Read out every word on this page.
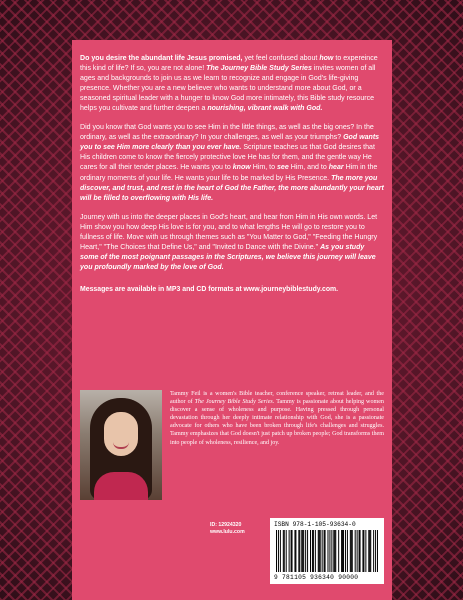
Do you desire the abundant life Jesus promised, yet feel confused about how to expereince this kind of life? If so, you are not alone! The Journey Bible Study Series invites women of all ages and backgrounds to join us as we learn to recognize and engage in God's life-giving presence. Whether you are a new believer who wants to understand more about God, or a seasoned spiritual leader with a hunger to know God more intimately, this Bible study resource helps you cultivate and further deepen a nourishing, vibrant walk with God.

Did you know that God wants you to see Him in the little things, as well as the big ones? In the ordinary, as well as the extraordinary? In your challenges, as well as your triumphs? God wants you to see Him more clearly than you ever have. Scripture teaches us that God desires that His children come to know the fiercely protective love He has for them, and the gentle way He cares for all their tender places. He wants you to know Him, to see Him, and to hear Him in the ordinary moments of your life. He wants your life to be marked by His Presence. The more you discover, and trust, and rest in the heart of God the Father, the more abundantly your heart will be filled to overflowing with His life.

Journey with us into the deeper places in God's heart, and hear from Him in His own words. Let Him show you how deep His love is for you, and to what lengths He will go to restore you to fullness of life. Move with us through themes such as "You Matter to God," "Feeding the Hungry Heart," "The Choices that Define Us," and "Invited to Dance with the Divine." As you study some of the most poignant passages in the Scriptures, we believe this journey will leave you profoundly marked by the love of God.

Messages are available in MP3 and CD formats at www.journeybiblestudy.com.

Tammy Feil is a women's Bible teacher, conference speaker, retreat leader, and the author of The Journey Bible Study Series. Tammy is passionate about helping women discover a sense of wholeness and purpose. Having pressed through personal devastation through her deeply intimate relationship with God, she is a passionate advocate for others who have been broken through life's challenges and struggles. Tammy emphasizes that God doesn't just patch up broken people; God transforms them into people of wholeness, resilience, and joy.
ID: 12924320
www.lulu.com
ISBN 978-1-105-93634-0
9 781105 936340 90000
